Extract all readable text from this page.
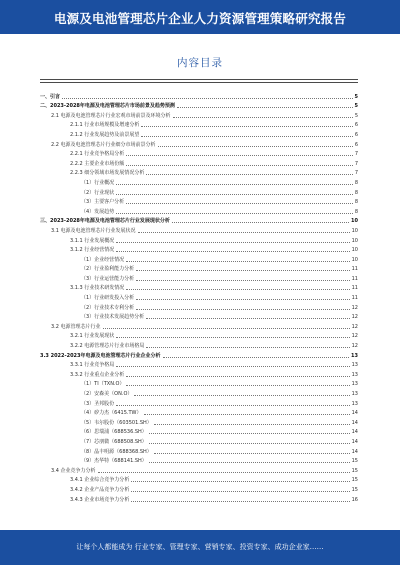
电源及电池管理芯片企业人力资源管理策略研究报告
内容目录
一、引言	5
二、2023-2028年电源及电池管理芯片市场前景及趋势预测	5
2.1 电源及电池管理芯片行业宏观市场前景及环境分析	5
2.1.1 行业市场规模及增速分析	6
2.1.2 行业发展趋势及前景展望	6
2.2 电源及电池管理芯片行业细分市场前景分析	6
2.2.1 行业竞争格局分析	7
2.2.2 主要企业市场份额	7
2.2.3 细分领域市场发展情况分析	7
（1）行业概况	8
（2）行业现状	8
（3）主要客户分析	8
（4）发展趋势	8
三、2023-2028年电源及电池管理芯片行业发展现状分析	10
3.1 电源及电池管理芯片行业发展状况	10
3.1.1 行业发展概况	10
3.1.2 行业经营情况	10
（1）企业经营情况	10
（2）行业盈利能力分析	11
（3）行业运营能力分析	11
3.1.3 行业技术研发情况	11
（1）行业研发投入分析	11
（2）行业技术专利分析	12
（3）行业技术发展趋势分析	12
3.2 电源管理芯片行业	12
3.2.1 行业发展现状	12
3.2.2 电源管理芯片行业市场格局	12
3.3 2022-2023年电源及电池管理芯片行业企业分析	13
3.3.1 行业竞争格局	13
3.3.2 行业重点企业分析	13
（1）TI（TXN.O）	13
（2）安森美（ON.O）	13
（3）圣邦股份	13
（4）矽力杰（6415.TW）	14
（5）韦尔股份（603501.SH）	14
（6）思瑞浦（688536.SH）	14
（7）芯朋微（688508.SH）	14
（8）晶丰明源（688368.SH）	14
（9）杰华特（688141.SH）	15
3.4 企业竞争力分析	15
3.4.1 企业综合竞争力分析	15
3.4.2 企业产品竞争力分析	15
3.4.3 企业市场竞争力分析	16
让每个人都能成为 行业专家、管理专家、营销专家、投资专家、成功企业家……
